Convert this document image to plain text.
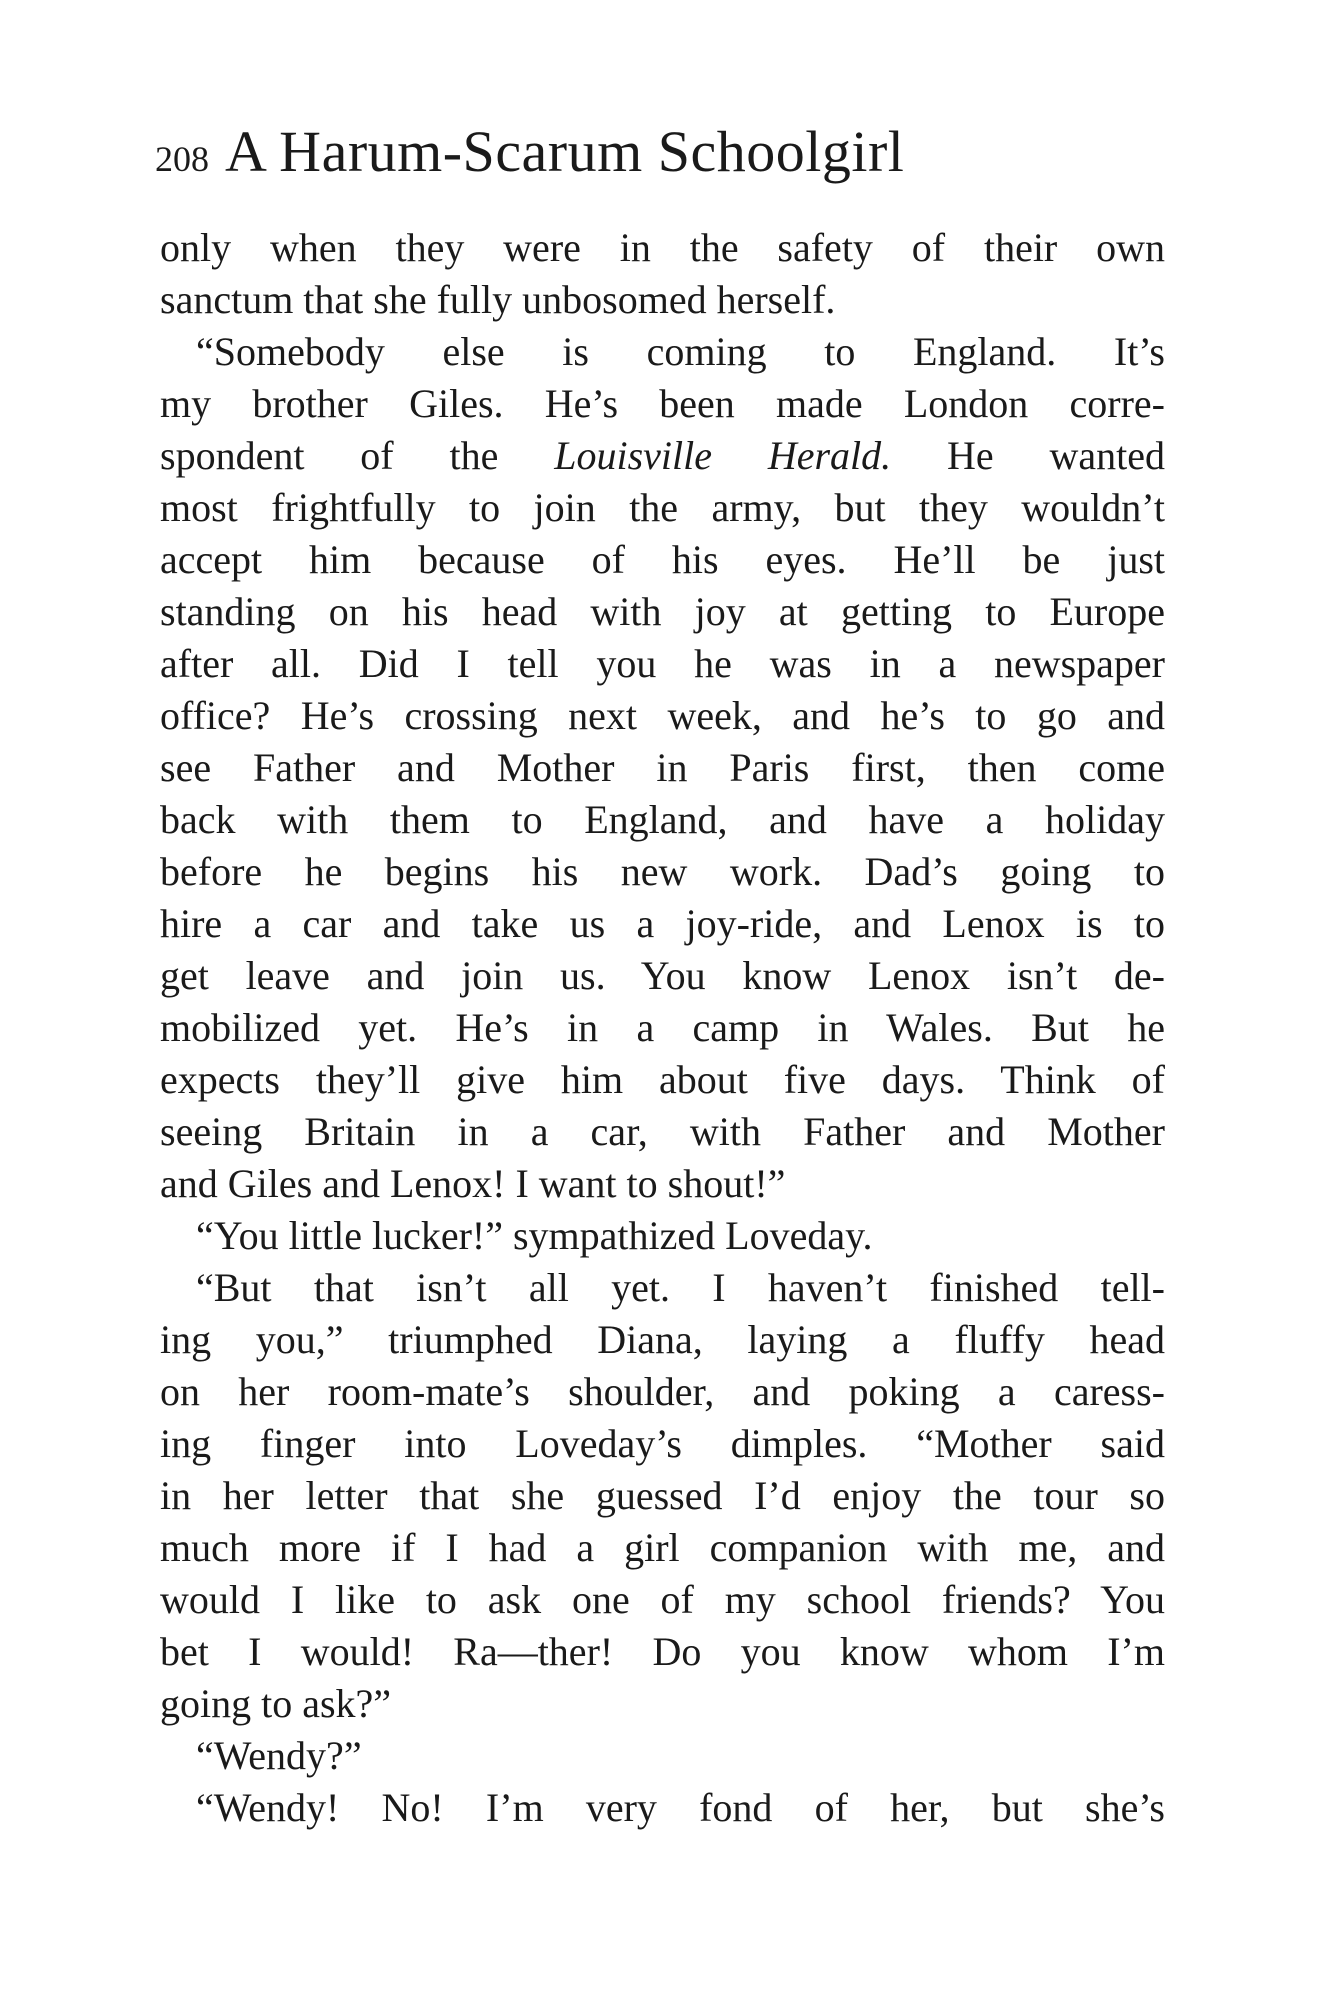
208 A Harum-Scarum Schoolgirl
only when they were in the safety of their own
sanctum that she fully unbosomed herself.
“Somebody else is coming to England. It’s
my brother Giles. He’s been made London corre-
spondent of the Louisville Herald. He wanted
most frightfully to join the army, but they wouldn’t
accept him because of his eyes. He’ll be just
standing on his head with joy at getting to Europe
after all. Did I tell you he was in a newspaper
office? He’s crossing next week, and he’s to go and
see Father and Mother in Paris first, then come
back with them to England, and have a holiday
before he begins his new work. Dad’s going to
hire a car and take us a joy-ride, and Lenox is to
get leave and join us. You know Lenox isn’t de-
mobilized yet. He’s in a camp in Wales. But he
expects they’ll give him about five days. Think of
seeing Britain in a car, with Father and Mother
and Giles and Lenox! I want to shout!”
“You little lucker!” sympathized Loveday.
“But that isn’t all yet. I haven’t finished tell-
ing you,” triumphed Diana, laying a fluffy head
on her room-mate’s shoulder, and poking a caress-
ing finger into Loveday’s dimples. “Mother said
in her letter that she guessed I’d enjoy the tour so
much more if I had a girl companion with me, and
would I like to ask one of my school friends? You
bet I would! Ra—ther! Do you know whom I’m
going to ask?”
“Wendy?”
“Wendy! No! I’m very fond of her, but she’s
